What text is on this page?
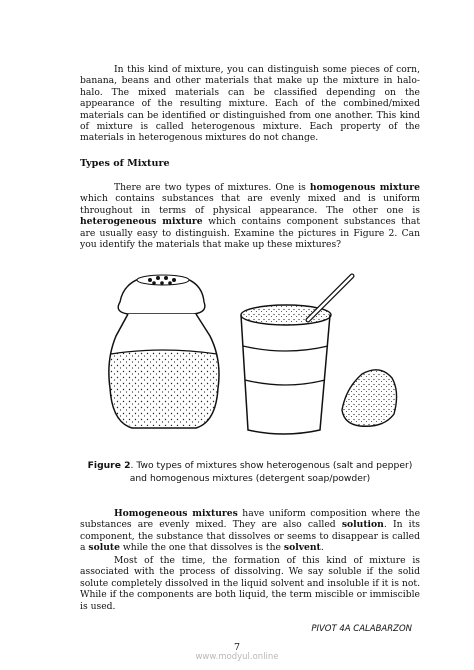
In this kind of mixture, you can distinguish some pieces of corn, banana, beans and other materials that make up the mixture in halo-halo. The mixed materials can be classified depending on the appearance of the resulting mixture. Each of the combined/mixed materials can be identified or distinguished from one another. This kind of mixture is called heterogenous mixture. Each property of the materials in heterogenous mixtures do not change.
Types of Mixture
There are two types of mixtures. One is homogenous mixture which contains substances that are evenly mixed and is uniform throughout in terms of physical appearance. The other one is heterogeneous mixture which contains component substances that are usually easy to distinguish. Examine the pictures in Figure 2. Can you identify the materials that make up these mixtures?
Figure 2. Two types of mixtures show heterogenous (salt and pepper)
and homogenous mixtures (detergent soap/powder)
Homogeneous mixtures have uniform composition where the substances are evenly mixed. They are also called solution. In its component, the substance that dissolves or seems to disappear is called a solute while the one that dissolves is the solvent.
Most of the time, the formation of this kind of mixture is associated with the process of dissolving. We say soluble if the solid solute completely dissolved in the liquid solvent and insoluble if it is not. While if the components are both liquid, the term miscible or immiscible is used.
PIVOT 4A CALABARZON
7
www.modyul.online
